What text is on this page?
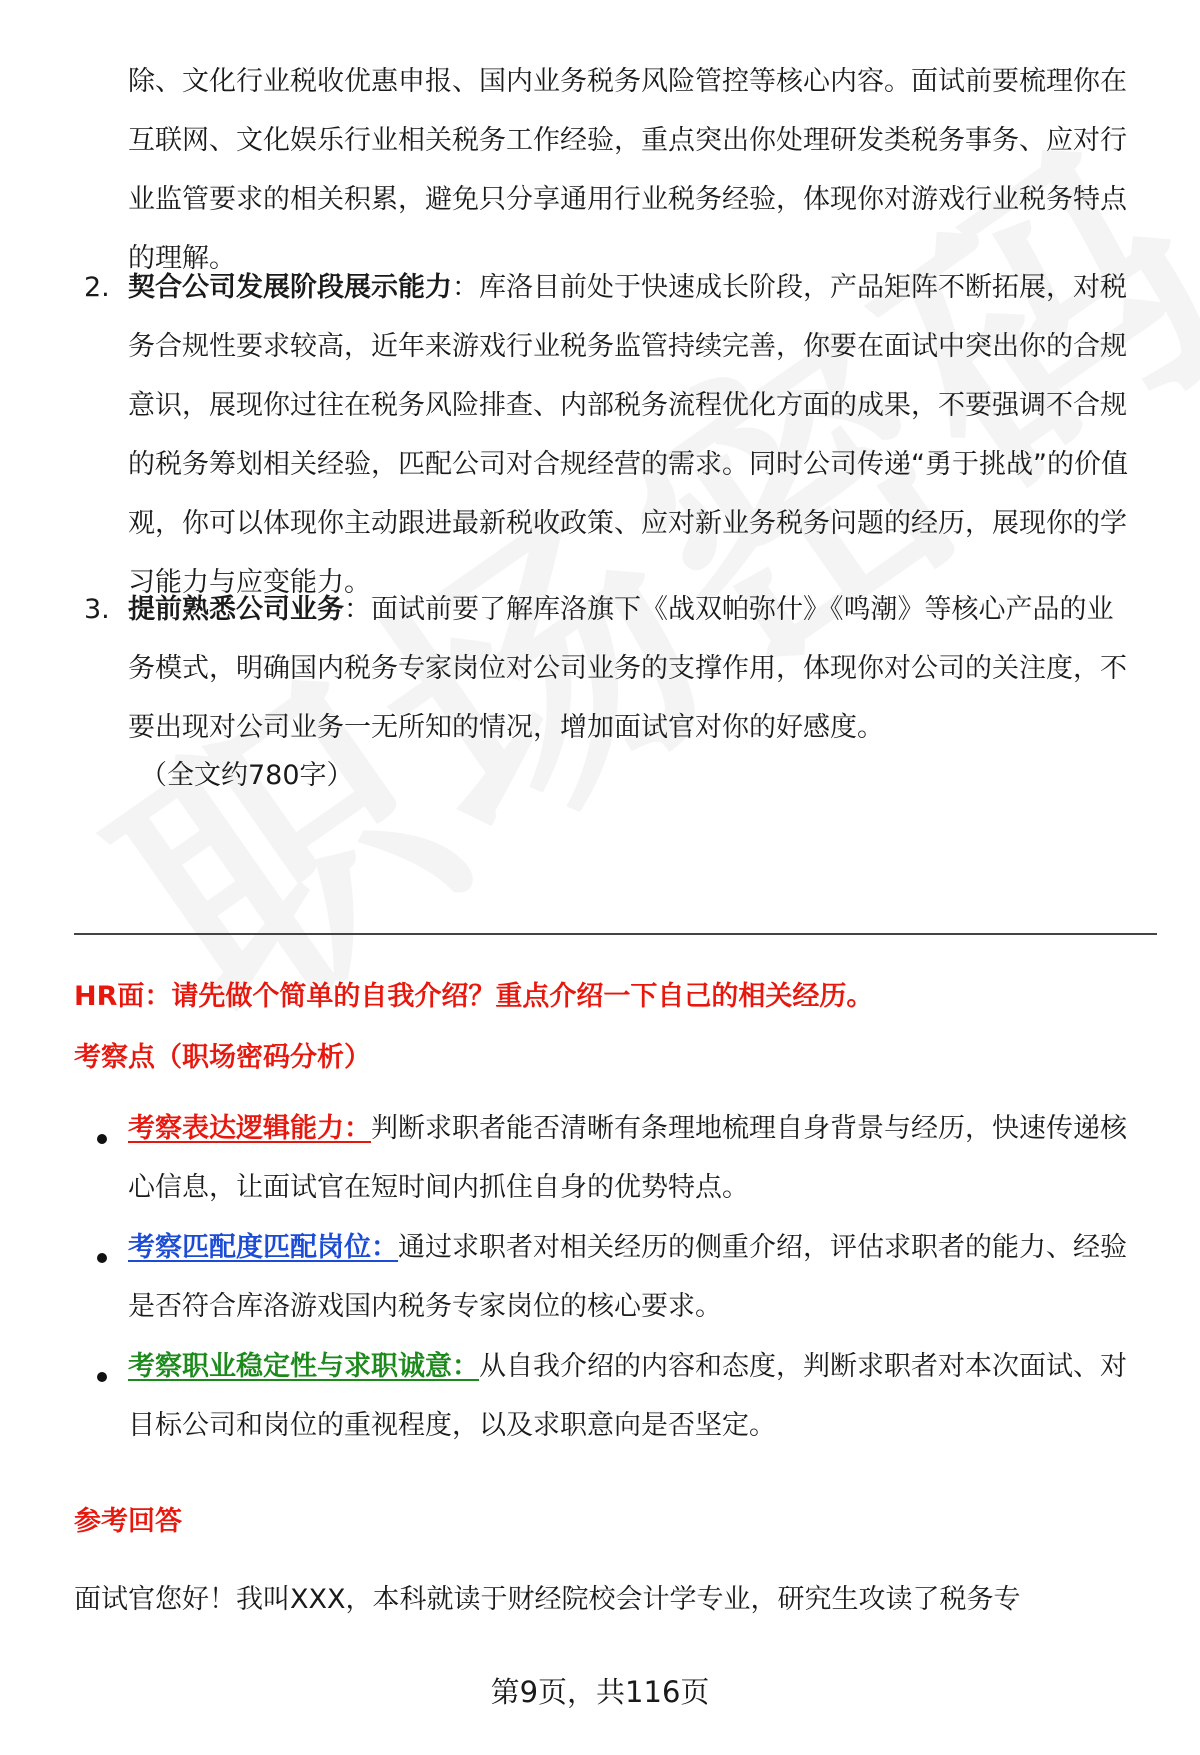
除、文化行业税收优惠申报、国内业务税务风险管控等核心内容。面试前要梳理你在互联网、文化娱乐行业相关税务工作经验，重点突出你处理研发类税务事务、应对行业监管要求的相关积累，避免只分享通用行业税务经验，体现你对游戏行业税务特点的理解。

2. 契合公司发展阶段展示能力：库洛目前处于快速成长阶段，产品矩阵不断拓展，对税务合规性要求较高，近年来游戏行业税务监管持续完善，你要在面试中突出你的合规意识，展现你过往在税务风险排查、内部税务流程优化方面的成果，不要强调不合规的税务筹划相关经验，匹配公司对合规经营的需求。同时公司传递“勇于挑战”的价值观，你可以体现你主动跟进最新税收政策、应对新业务税务问题的经历，展现你的学习能力与应变能力。

3. 提前熟悉公司业务：面试前要了解库洛旗下《战双帕弥什》《鸣潮》等核心产品的业务模式，明确国内税务专家岗位对公司业务的支撑作用，体现你对公司的关注度，不要出现对公司业务一无所知的情况，增加面试官对你的好感度。

（全文约780字）

HR面：请先做个简单的自我介绍？重点介绍一下自己的相关经历。

考察点（职场密码分析）

考察表达逻辑能力：判断求职者能否清晰有条理地梳理自身背景与经历，快速传递核心信息，让面试官在短时间内抓住自身的优势特点。

考察匹配度匹配岗位：通过求职者对相关经历的侧重介绍，评估求职者的能力、经验是否符合库洛游戏国内税务专家岗位的核心要求。

考察职业稳定性与求职诚意：从自我介绍的内容和态度，判断求职者对本次面试、对目标公司和岗位的重视程度，以及求职意向是否坚定。

参考回答

面试官您好！我叫XXX，本科就读于财经院校会计学专业，研究生攻读了税务专

第9页，共116页
